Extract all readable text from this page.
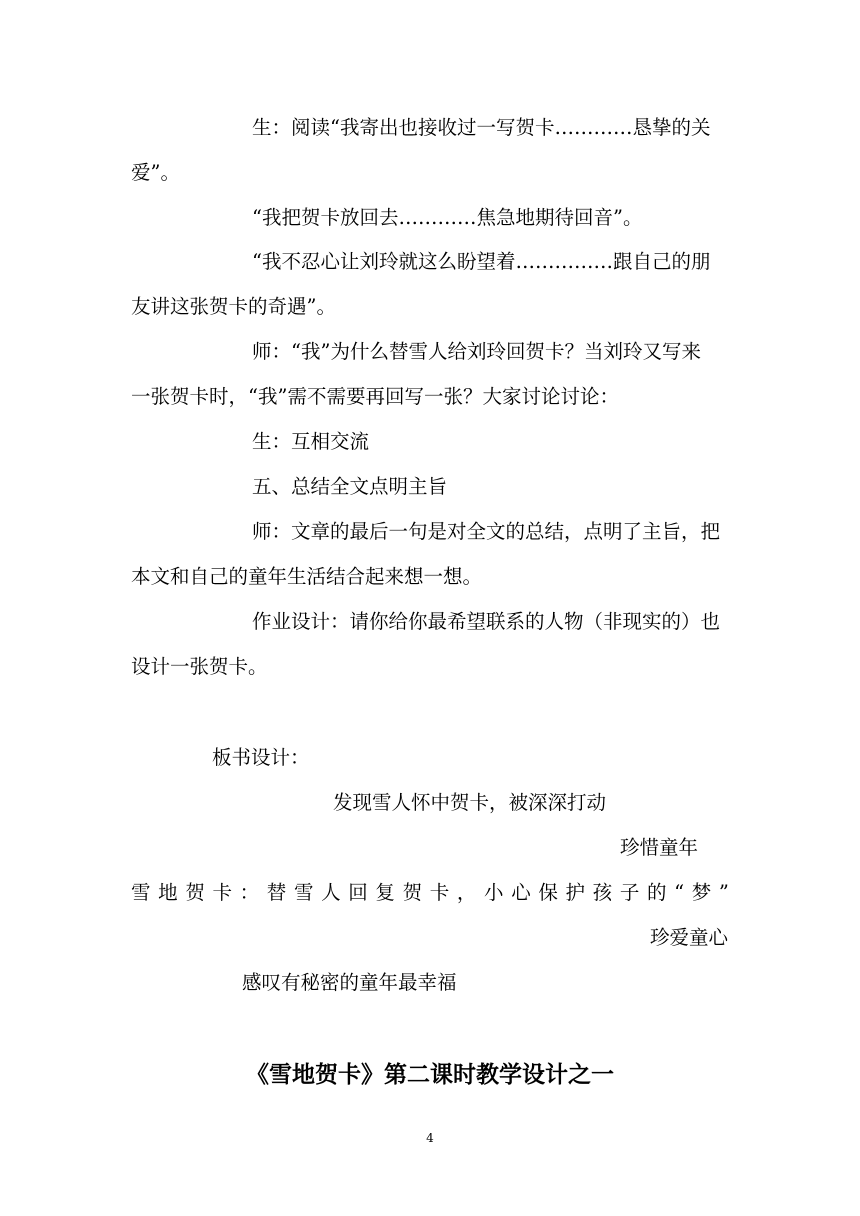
生：阅读“我寄出也接收过一写贺卡…………恳挚的关

爱”。

“我把贺卡放回去…………焦急地期待回音”。

“我不忍心让刘玲就这么盼望着……………跟自己的朋

友讲这张贺卡的奇遇”。

师：“我”为什么替雪人给刘玲回贺卡？当刘玲又写来

一张贺卡时，“我”需不需要再回写一张？大家讨论讨论：

生：互相交流

五、总结全文点明主旨

师：文章的最后一句是对全文的总结，点明了主旨，把

本文和自己的童年生活结合起来想一想。

作业设计：请你给你最希望联系的人物（非现实的）也

设计一张贺卡。

板书设计：

发现雪人怀中贺卡，被深深打动

珍惜童年

雪 地 贺 卡 ： 替 雪 人 回 复 贺 卡 ， 小 心 保 护 孩 子 的 “ 梦 ”

珍爱童心

感叹有秘密的童年最幸福

《雪地贺卡》第二课时教学设计之一
4
